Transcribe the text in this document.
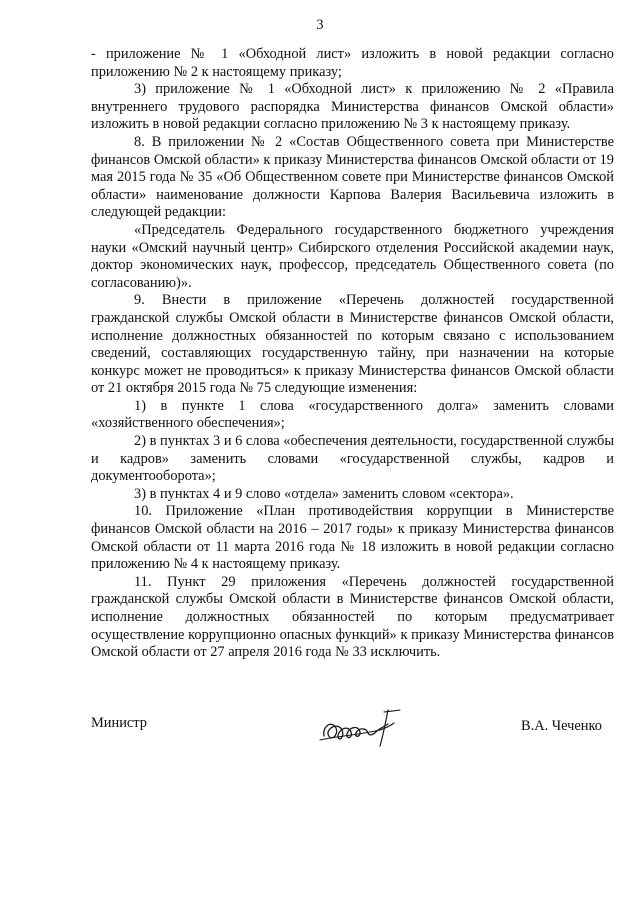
3

- приложение № 1 «Обходной лист» изложить в новой редакции согласно приложению № 2 к настоящему приказу;

3) приложение № 1 «Обходной лист» к приложению № 2 «Правила внутреннего трудового распорядка Министерства финансов Омской области» изложить в новой редакции согласно приложению № 3 к настоящему приказу.

8. В приложении № 2 «Состав Общественного совета при Министерстве финансов Омской области» к приказу Министерства финансов Омской области от 19 мая 2015 года № 35 «Об Общественном совете при Министерстве финансов Омской области» наименование должности Карпова Валерия Васильевича изложить в следующей редакции:

«Председатель Федерального государственного бюджетного учреждения науки «Омский научный центр» Сибирского отделения Российской академии наук, доктор экономических наук, профессор, председатель Общественного совета (по согласованию)».

9. Внести в приложение «Перечень должностей государственной гражданской службы Омской области в Министерстве финансов Омской области, исполнение должностных обязанностей по которым связано с использованием сведений, составляющих государственную тайну, при назначении на которые конкурс может не проводиться» к приказу Министерства финансов Омской области от 21 октября 2015 года № 75 следующие изменения:

1) в пункте 1 слова «государственного долга» заменить словами «хозяйственного обеспечения»;

2) в пунктах 3 и 6 слова «обеспечения деятельности, государственной службы и кадров» заменить словами «государственной службы, кадров и документооборота»;

3) в пунктах 4 и 9 слово «отдела» заменить словом «сектора».

10. Приложение «План противодействия коррупции в Министерстве финансов Омской области на 2016 – 2017 годы» к приказу Министерства финансов Омской области от 11 марта 2016 года № 18 изложить в новой редакции согласно приложению № 4 к настоящему приказу.

11. Пункт 29 приложения «Перечень должностей государственной гражданской службы Омской области в Министерстве финансов Омской области, исполнение должностных обязанностей по которым предусматривает осуществление коррупционно опасных функций» к приказу Министерства финансов Омской области от 27 апреля 2016 года № 33 исключить.

Министр	В.А. Чеченко
